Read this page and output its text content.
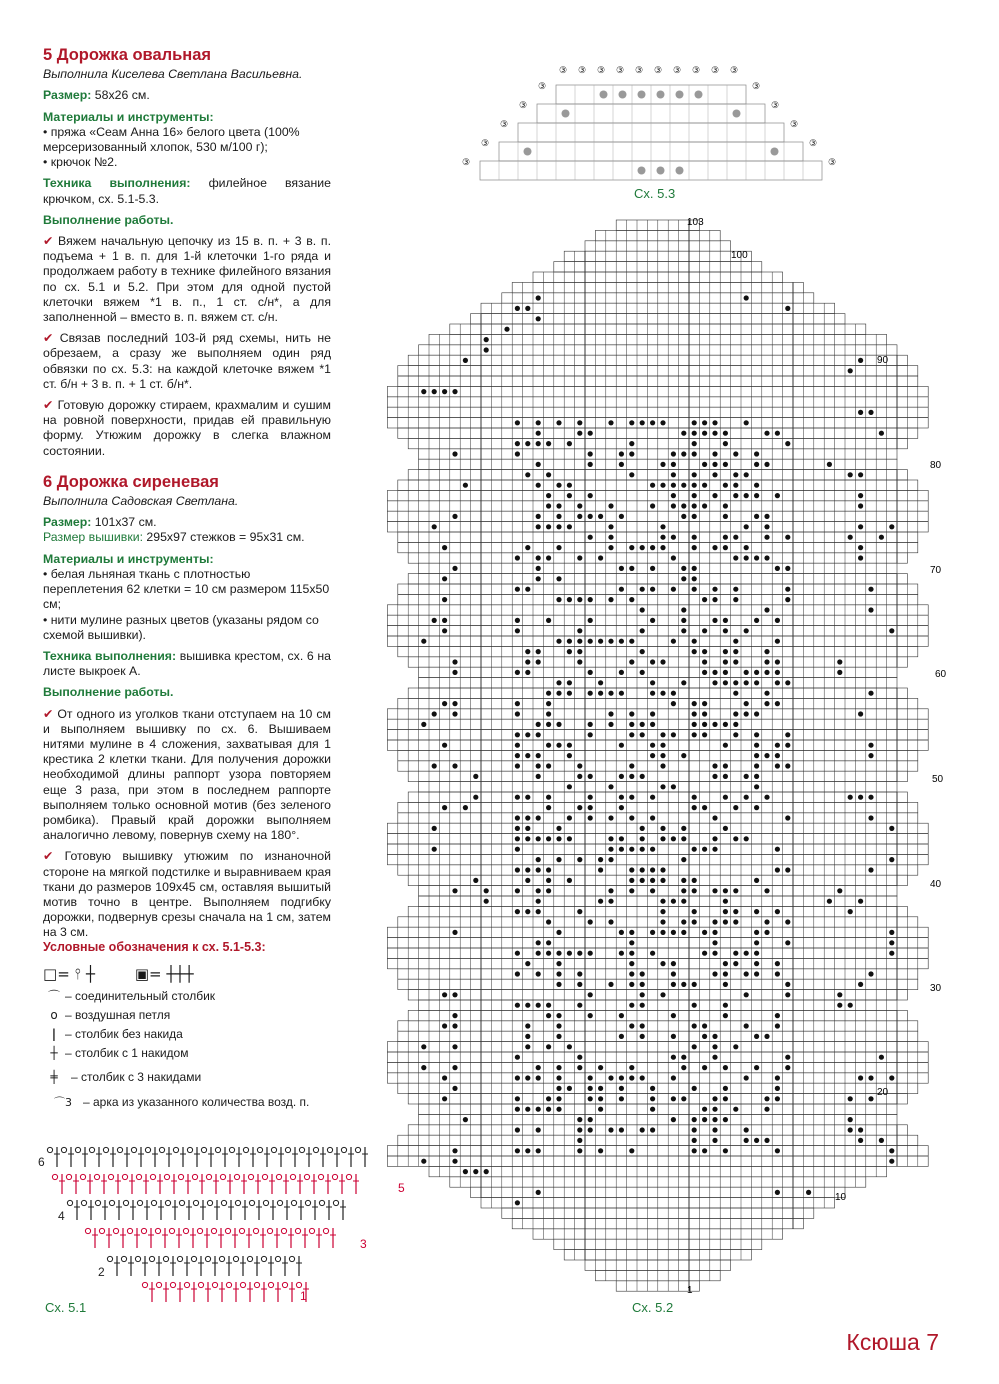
5 Дорожка овальная
Выполнила Киселева Светлана Васильевна.
Размер: 58х26 см.
Материалы и инструменты:
• пряжа «Сеам Анна 16» белого цвета (100% мерсеризованный хлопок, 530 м/100 г);
• крючок №2.
Техника выполнения: филейное вязание крючком, сх. 5.1-5.3.
Выполнение работы.
✔ Вяжем начальную цепочку из 15 в. п. + 3 в. п. подъема + 1 в. п. для 1-й клеточки 1-го ряда и продолжаем работу в технике филейного вязания по сх. 5.1 и 5.2. При этом для одной пустой клеточки вяжем *1 в. п., 1 ст. с/н*, а для заполненной – вместо в. п. вяжем ст. с/н.
✔ Связав последний 103-й ряд схемы, нить не обрезаем, а сразу же выполняем один ряд обвязки по сх. 5.3: на каждой клеточке вяжем *1 ст. б/н + 3 в. п. + 1 ст. б/н*.
✔ Готовую дорожку стираем, крахмалим и сушим на ровной поверхности, придав ей правильную форму. Утюжим дорожку в слегка влажном состоянии.
6 Дорожка сиреневая
Выполнила Садовская Светлана.
Размер: 101х37 см.
Размер вышивки: 295х97 стежков = 95х31 см.
Материалы и инструменты:
• белая льняная ткань с плотностью переплетения 62 клетки = 10 см размером 115х50 см;
• нити мулине разных цветов (указаны рядом со схемой вышивки).
Техника выполнения: вышивка крестом, сх. 6 на листе выкроек А.
Выполнение работы.
✔ От одного из уголков ткани отступаем на 10 см и выполняем вышивку по сх. 6. Вышиваем нитями мулине в 4 сложения, захватывая для 1 крестика 2 клетки ткани. Для получения дорожки необходимой длины раппорт узора повторяем еще 3 раза, при этом в последнем раппорте выполняем только основной мотив (без зеленого ромбика). Правый край дорожки выполняем аналогично левому, повернув схему на 180°.
✔ Готовую вышивку утюжим по изнаночной стороне на мягкой подстилке и выравниваем края ткани до размеров 109х45 см, оставляя вышитый мотив точно в центре. Выполняем подгибку дорожки, подвернув срезы сначала на 1 см, затем на 3 см.
Условные обозначения к сх. 5.1-5.3:
□= ⫯ ┼	▣= ┼┼┼
⌒ – соединительный столбик
o – воздушная петля
| – столбик без накида
┼ – столбик с 1 накидом
╪	– столбик с 3 накидами
⌒3 – арка из указанного количества возд. п.
6
5
4
3
2
1
Сх. 5.1
③	③
③	③
③	③
③	③
③	③
③ ③ ③ ③ ③ ③ ③ ③ ③ ③
Сх. 5.3
103
100
90
80
70
60
50
40
30
20
10
1
Сх. 5.2
Ксюша 7
